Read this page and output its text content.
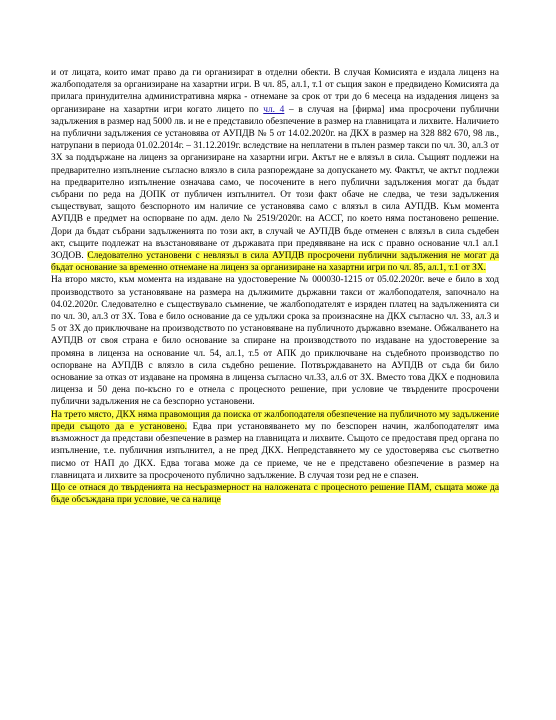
и от лицата, които имат право да ги организират в отделни обекти. В случая Комисията е издала лиценз на жалбоподателя за организиране на хазартни игри. В чл. 85, ал.1, т.1 от същия закон е предвидено Комисията да прилага принудителна административна мярка - отнемане за срок от три до 6 месеца на издадения лиценз за организиране на хазартни игри когато лицето по чл. 4 – в случая на [фирма] има просрочени публични задължения в размер над 5000 лв. и не е представило обезпечение в размер на главницата и лихвите. Наличието на публични задължения се установява от АУПДВ № 5 от 14.02.2020г. на ДКХ в размер на 328 882 670, 98 лв., натрупани в периода 01.02.2014г. – 31.12.2019г. вследствие на неплатени в пълен размер такси по чл. 30, ал.3 от ЗХ за поддържане на лиценз за организиране на хазартни игри. Актът не е влязъл в сила. Същият подлежи на предварително изпълнение съгласно влязло в сила разпореждане за допускането му. Фактът, че актът подлежи на предварително изпълнение означава само, че посочените в него публични задължения могат да бъдат събрани по реда на ДОПК от публичен изпълнител. От този факт обаче не следва, че тези задължения съществуват, защото безспорното им наличие се установява само с влязъл в сила АУПДВ. Към момента АУПДВ е предмет на оспорване по адм. дело № 2519/2020г. на АССГ, по което няма постановено решение. Дори да бъдат събрани задълженията по този акт, в случай че АУПДВ бъде отменен с влязъл в сила съдебен акт, същите подлежат на възстановяване от държавата при предявяване на иск с правно основание чл.1 ал.1 ЗОДОВ. Следователно установени с невлязъл в сила АУПДВ просрочени публични задължения не могат да бъдат основание за временно отнемане на лиценз за организиране на хазартни игри по чл. 85, ал.1, т.1 от ЗХ.

На второ място, към момента на издаване на удостоверение № 000030-1215 от 05.02.2020г. вече е било в ход производството за установяване на размера на дължимите държавни такси от жалбоподателя, започнало на 04.02.2020г. Следователно е съществувало съмнение, че жалбоподателят е изряден платец на задълженията си по чл. 30, ал.3 от ЗХ. Това е било основание да се удължи срока за произнасяне на ДКХ съгласно чл. 33, ал.3 и 5 от ЗХ до приключване на производството по установяване на публичното държавно вземане. Обжалването на АУПДВ от своя страна е било основание за спиране на производството по издаване на удостоверение за промяна в лиценза на основание чл. 54, ал.1, т.5 от АПК до приключване на съдебното производство по оспорване на АУПДВ с влязло в сила съдебно решение. Потвърждаването на АУПДВ от съда би било основание за отказ от издаване на промяна в лиценза съгласно чл.33, ал.6 от ЗХ. Вместо това ДКХ е подновила лиценза и 50 дена по-късно го е отнела с процесното решение, при условие че твърдените просрочени публични задължения не са безспорно установени.

На трето място, ДКХ няма правомощия да поиска от жалбоподателя обезпечение на публичното му задължение преди същото да е установено. Едва при установяването му по безспорен начин, жалбоподателят има възможност да представи обезпечение в размер на главницата и лихвите. Същото се предоставя пред органа по изпълнение, т.е. публичния изпълнител, а не пред ДКХ. Непредставянето му се удостоверява със съответно писмо от НАП до ДКХ. Едва тогава може да се приеме, че не е представено обезпечение в размер на главницата и лихвите за просроченото публично задължение. В случая този ред не е спазен.

Що се отнася до твърденията на несъразмерност на наложената с процесното решение ПАМ, същата може да бъде обсъждана при условие, че са налице
